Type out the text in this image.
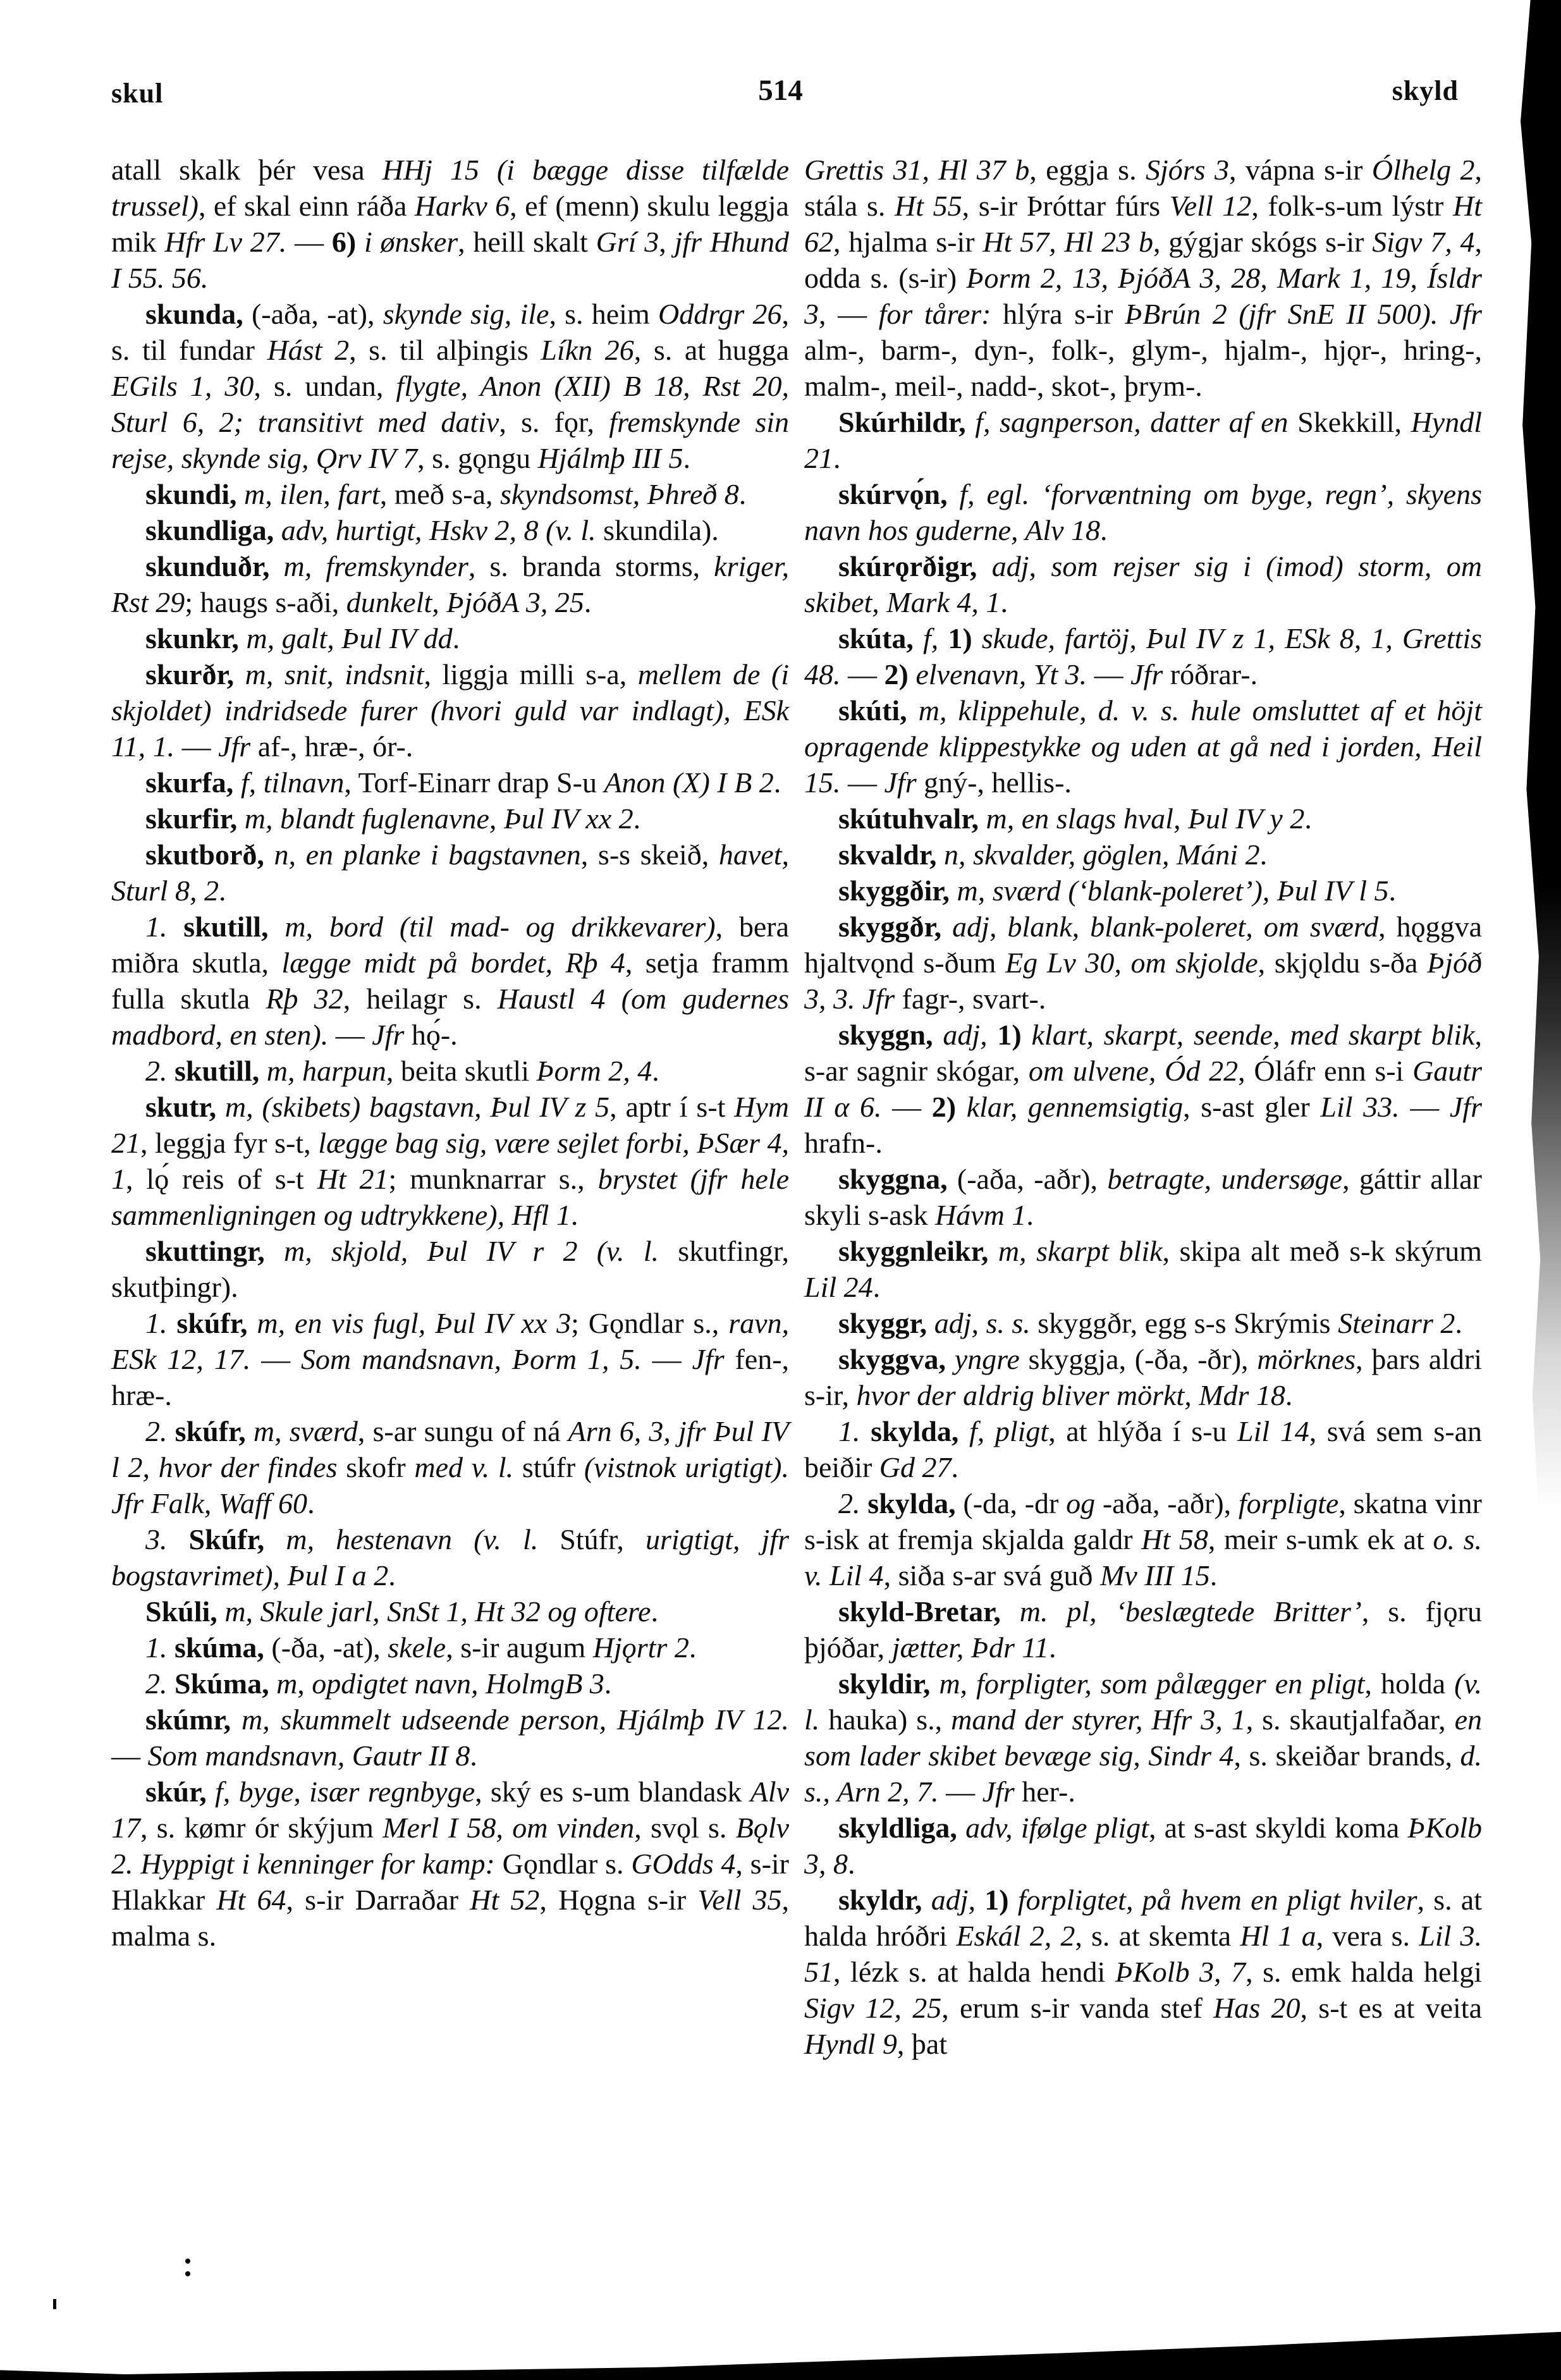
skul	514	skyld

atall skalk þér vesa HHj 15 (i bægge disse tilfælde trussel), ef skal einn ráða Harkv 6, ef (menn) skulu leggja mik Hfr Lv 27. — 6) i ønsker, heill skalt Grí 3, jfr Hhund I 55. 56.

skunda, (-aða, -at), skynde sig, ile, s. heim Oddrgr 26, s. til fundar Hást 2, s. til alþingis Líkn 26, s. at hugga EGils 1, 30, s. undan, flygte, Anon (XII) B 18, Rst 20, Sturl 6, 2; transitivt med dativ, s. fǫr, fremskynde sin rejse, skynde sig, Ǫrv IV 7, s. gǫngu Hjálmþ III 5.

skundi, m, ilen, fart, með s-a, skyndsomst, Þhreð 8.

skundliga, adv, hurtigt, Hskv 2, 8 (v. l. skundila).

skunduðr, m, fremskynder, s. branda storms, kriger, Rst 29; haugs s-aði, dunkelt, ÞjóðA 3, 25.

skunkr, m, galt, Þul IV dd.

skurðr, m, snit, indsnit, liggja milli s-a, mellem de (i skjoldet) indridsede furer (hvori guld var indlagt), ESk 11, 1. — Jfr af-, hræ-, ór-.

skurfa, f, tilnavn, Torf-Einarr drap S-u Anon (X) I B 2.

skurfir, m, blandt fuglenavne, Þul IV xx 2.

skutborð, n, en planke i bagstavnen, s-s skeið, havet, Sturl 8, 2.

1. skutill, m, bord (til mad- og drikkevarer), bera miðra skutla, lægge midt på bordet, Rþ 4, setja framm fulla skutla Rþ 32, heilagr s. Haustl 4 (om gudernes madbord, en sten). — Jfr hǫ́-.

2. skutill, m, harpun, beita skutli Þorm 2, 4.

skutr, m, (skibets) bagstavn, Þul IV z 5, aptr í s-t Hym 21, leggja fyr s-t, lægge bag sig, være sejlet forbi, ÞSær 4, 1, lǫ́ reis of s-t Ht 21; munknarrar s., brystet (jfr hele sammenligningen og udtrykkene), Hfl 1.

skuttingr, m, skjold, Þul IV r 2 (v. l. skutfingr, skutþingr).

1. skúfr, m, en vis fugl, Þul IV xx 3; Gǫndlar s., ravn, ESk 12, 17. — Som mandsnavn, Þorm 1, 5. — Jfr fen-, hræ-.

2. skúfr, m, sværd, s-ar sungu of ná Arn 6, 3, jfr Þul IV l 2, hvor der findes skofr med v. l. stúfr (vistnok urigtigt). Jfr Falk, Waff 60.

3. Skúfr, m, hestenavn (v. l. Stúfr, urigtigt, jfr bogstavrimet), Þul I a 2.

Skúli, m, Skule jarl, SnSt 1, Ht 32 og oftere.

1. skúma, (-ða, -at), skele, s-ir augum Hjǫrtr 2.

2. Skúma, m, opdigtet navn, HolmgB 3.

skúmr, m, skummelt udseende person, Hjálmþ IV 12. — Som mandsnavn, Gautr II 8.

skúr, f, byge, især regnbyge, ský es s-um blandask Alv 17, s. kømr ór skýjum Merl I 58, om vinden, svǫl s. Bǫlv 2. Hyppigt i kenninger for kamp: Gǫndlar s. GOdds 4, s-ir Hlakkar Ht 64, s-ir Darraðar Ht 52, Hǫgna s-ir Vell 35, malma s.

Grettis 31, Hl 37 b, eggja s. Sjórs 3, vápna s-ir Ólhelg 2, stála s. Ht 55, s-ir Þróttar fúrs Vell 12, folk-s-um lýstr Ht 62, hjalma s-ir Ht 57, Hl 23 b, gýgjar skógs s-ir Sigv 7, 4, odda s. (s-ir) Þorm 2, 13, ÞjóðA 3, 28, Mark 1, 19, Ísldr 3, — for tårer: hlýra s-ir ÞBrún 2 (jfr SnE II 500). Jfr alm-, barm-, dyn-, folk-, glym-, hjalm-, hjǫr-, hring-, malm-, meil-, nadd-, skot-, þrym-.

Skúrhildr, f, sagnperson, datter af en Skekkill, Hyndl 21.

skúrvǫ́n, f, egl. ‘forvæntning om byge, regn’, skyens navn hos guderne, Alv 18.

skúrǫrðigr, adj, som rejser sig i (imod) storm, om skibet, Mark 4, 1.

skúta, f, 1) skude, fartöj, Þul IV z 1, ESk 8, 1, Grettis 48. — 2) elvenavn, Yt 3. — Jfr róðrar-.

skúti, m, klippehule, d. v. s. hule omsluttet af et höjt opragende klippestykke og uden at gå ned i jorden, Heil 15. — Jfr gný-, hellis-.

skútuhvalr, m, en slags hval, Þul IV y 2.

skvaldr, n, skvalder, göglen, Máni 2.

skyggðir, m, sværd (‘blank-poleret’), Þul IV l 5.

skyggðr, adj, blank, blank-poleret, om sværd, hǫggva hjaltvǫnd s-ðum Eg Lv 30, om skjolde, skjǫldu s-ða Þjóð 3, 3. Jfr fagr-, svart-.

skyggn, adj, 1) klart, skarpt, seende, med skarpt blik, s-ar sagnir skógar, om ulvene, Ód 22, Óláfr enn s-i Gautr II α 6. — 2) klar, gennemsigtig, s-ast gler Lil 33. — Jfr hrafn-.

skyggna, (-aða, -aðr), betragte, undersøge, gáttir allar skyli s-ask Hávm 1.

skyggnleikr, m, skarpt blik, skipa alt með s-k skýrum Lil 24.

skyggr, adj, s. s. skyggðr, egg s-s Skrýmis Steinarr 2.

skyggva, yngre skyggja, (-ða, -ðr), mörknes, þars aldri s-ir, hvor der aldrig bliver mörkt, Mdr 18.

1. skylda, f, pligt, at hlýða í s-u Lil 14, svá sem s-an beiðir Gd 27.

2. skylda, (-da, -dr og -aða, -aðr), forpligte, skatna vinr s-isk at fremja skjalda galdr Ht 58, meir s-umk ek at o. s. v. Lil 4, siða s-ar svá guð Mv III 15.

skyld-Bretar, m. pl, ‘beslægtede Britter’, s. fjǫru þjóðar, jætter, Þdr 11.

skyldir, m, forpligter, som pålægger en pligt, holda (v. l. hauka) s., mand der styrer, Hfr 3, 1, s. skautjalfaðar, en som lader skibet bevæge sig, Sindr 4, s. skeiðar brands, d. s., Arn 2, 7. — Jfr her-.

skyldliga, adv, ifølge pligt, at s-ast skyldi koma ÞKolb 3, 8.

skyldr, adj, 1) forpligtet, på hvem en pligt hviler, s. at halda hróðri Eskál 2, 2, s. at skemta Hl 1 a, vera s. Lil 3. 51, lézk s. at halda hendi ÞKolb 3, 7, s. emk halda helgi Sigv 12, 25, erum s-ir vanda stef Has 20, s-t es at veita Hyndl 9, þat
